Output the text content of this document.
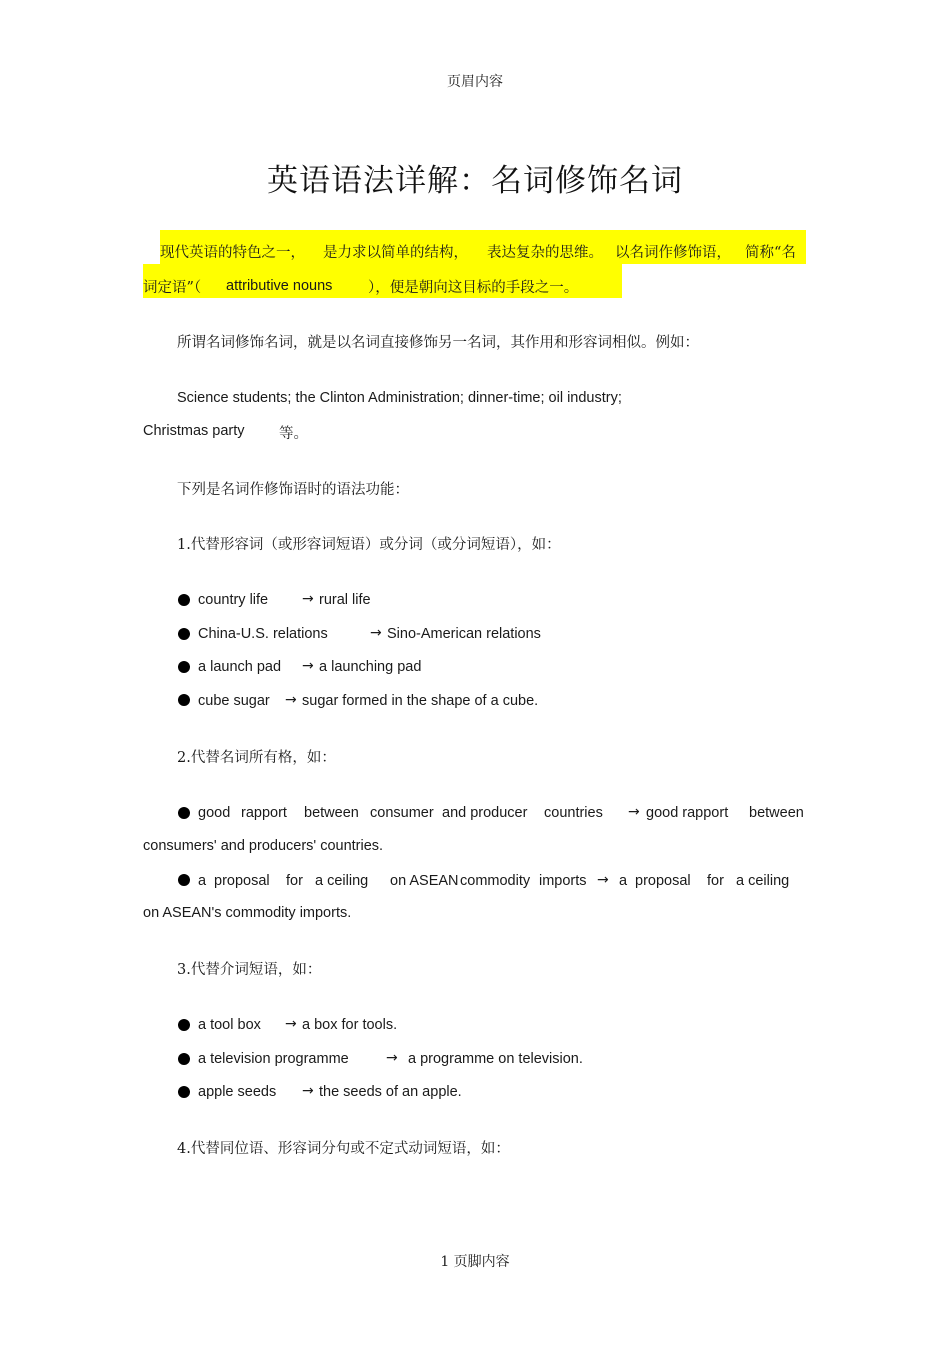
页眉内容
英语语法详解：名词修饰名词
现代英语的特色之一， 是力求以简单的结构， 表达复杂的思维。 以名词作修饰语， 简称“名
词定语”（ attributive nouns ），便是朝向这目标的手段之一。
所谓名词修饰名词，就是以名词直接修饰另一名词，其作用和形容词相似。例如：
Science students; the Clinton Administration; dinner-time; oil industry;
Christmas party 等。
下列是名词作修饰语时的语法功能：
1.代替形容词（或形容词短语）或分词（或分词短语），如：
country life → rural life
China-U.S. relations	→ Sino-American relations
a launch pad → a launching pad
cube sugar → sugar formed in the shape of a cube.
2.代替名词所有格，如：
good rapport between consumer and producer countries → good rapport between
consumers' and producers' countries.
a proposal for a ceiling on ASEAN commodity imports → a proposal for a ceiling
on ASEAN's commodity imports.
3.代替介词短语，如：
a tool box → a box for tools.
a television programme	→ a programme on television.
apple seeds → the seeds of an apple.
4.代替同位语、形容词分句或不定式动词短语，如：
1 页脚内容
